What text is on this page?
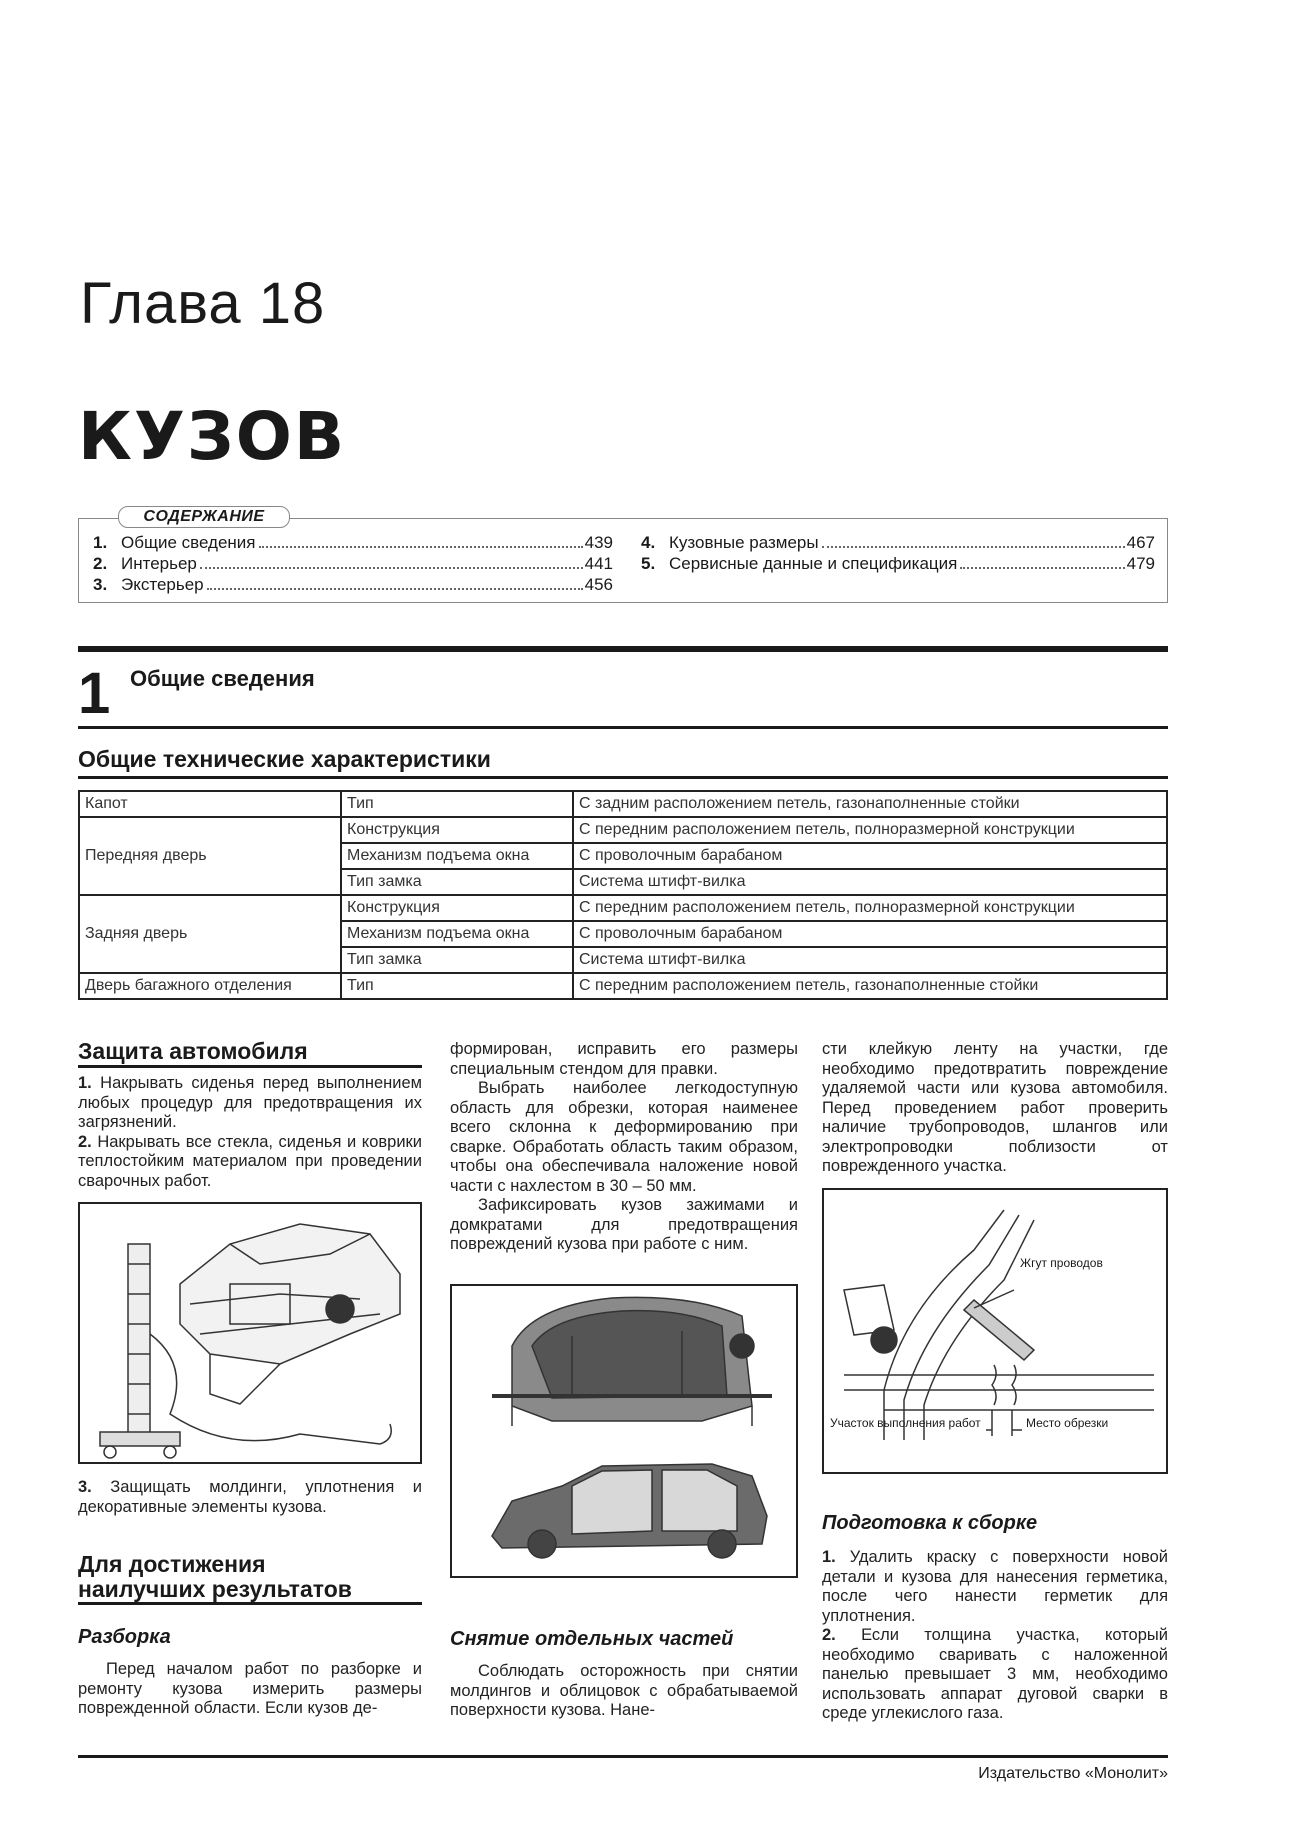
Глава 18
КУЗОВ
1. Общие сведения	439
2. Интерьер	441
3. Экстерьер	456
4. Кузовные размеры	467
5. Сервисные данные и спецификация	479
СОДЕРЖАНИЕ
1 Общие сведения
Общие технические характеристики
Капот	Тип	С задним расположением петель, газонаполненные стойки
Передняя дверь	Конструкция	С передним расположением петель, полноразмерной конструкции
	Механизм подъема окна	С проволочным барабаном
	Тип замка	Система штифт-вилка
Задняя дверь	Конструкция	С передним расположением петель, полноразмерной конструкции
	Механизм подъема окна	С проволочным барабаном
	Тип замка	Система штифт-вилка
Дверь багажного отделения	Тип	С передним расположением петель, газонаполненные стойки
Защита автомобиля

1. Накрывать сиденья перед выполнением любых процедур для предотвращения их загрязнений.

2. Накрывать все стекла, сиденья и коврики теплостойким материалом при проведении сварочных работ.

3. Защищать молдинги, уплотнения и декоративные элементы кузова.

Для достижения
наилучших результатов
Разборка
Перед началом работ по разборке и ремонту кузова измерить размеры поврежденной области. Если кузов де-

формирован, исправить его размеры специальным стендом для правки.

Выбрать наиболее легкодоступную область для обрезки, которая наименее всего склонна к деформированию при сварке. Обработать область таким образом, чтобы она обеспечивала наложение новой части с нахлестом в 30 – 50 мм.

Зафиксировать кузов зажимами и домкратами для предотвращения повреждений кузова при работе с ним.

Снятие отдельных частей
Соблюдать осторожность при снятии молдингов и облицовок с обрабатываемой поверхности кузова. Нане-
сти клейкую ленту на участки, где необходимо предотвратить повреждение удаляемой части или кузова автомобиля. Перед проведением работ проверить наличие трубопроводов, шлангов или электропроводки поблизости от поврежденного участка.
Жгут проводов
Участок выполнения работ	Место обрезки
Подготовка к сборке

1. Удалить краску с поверхности новой детали и кузова для нанесения герметика, после чего нанести герметик для уплотнения.

2. Если толщина участка, который необходимо сваривать с наложенной панелью превышает 3 мм, необходимо использовать аппарат дуговой сварки в среде углекислого газа.

Издательство «Монолит»
